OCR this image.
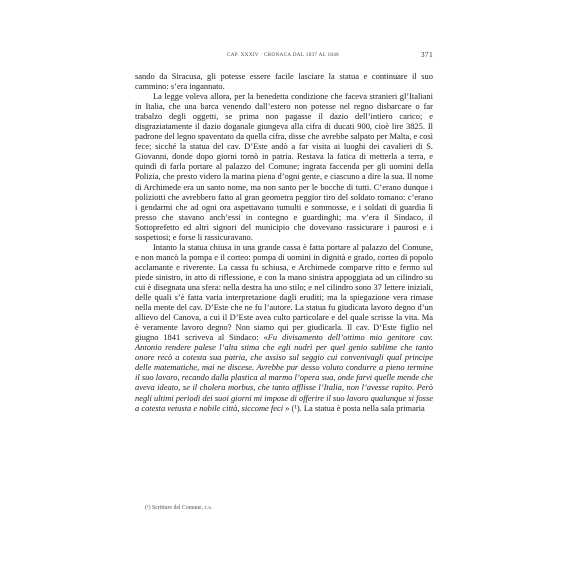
CAP. XXXIV · CRONACA DAL 1837 AL 1848	371

sando da Siracusa, gli potesse essere facile lasciare la statua e continuare il suo cammino: s’era ingannato.

La legge voleva allora, per la benedetta condizione che faceva stranieri gl’Italiani in Italia, che una barca venendo dall’estero non potesse nel regno disbarcare o far trabalzo degli oggetti, se prima non pagasse il dazio dell’intiero carico; e disgraziatamente il dazio doganale giungeva alla cifra di ducati 900, cioè lire 3825. Il padrone del legno spaventato da quella cifra, disse che avrebbe salpato per Malta, e così fece; sicché la statua del cav. D’Este andò a far visita ai luoghi dei cavalieri di S. Giovanni, donde dopo giorni tornò in patria. Restava la fatica di metterla a terra, e quindi di farla portare al palazzo del Comune; ingrata faccenda per gli uomini della Polizia, che presto videro la marina piena d’ogni gente, e ciascuno a dire la sua. Il nome di Archimede era un santo nome, ma non santo per le bocche di tutti. C’erano dunque i poliziotti che avrebbero fatto al gran geometra peggior tiro del soldato romano: c’erano i gendarmi che ad ogni ora aspettavano tumulti e sommosse, e i soldati di guardia lì presso che stavano anch’essi in contegno e guardinghi; ma v’era il Sindaco, il Sottoprefetto ed altri signori del municipio che dovevano rassicurare i paurosi e i sospettosi; e forse li rassicuravano.

Intanto la statua chiusa in una grande cassa è fatta portare al palazzo del Comune, e non mancò la pompa e il corteo: pompa di uomini in dignità e grado, corteo di popolo acclamante e riverente. La cassa fu schiusa, e Archimede comparve ritto e fermo sul piede sinistro, in atto di riflessione, e con la mano sinistra appoggiata ad un cilindro su cui è disegnata una sfera: nella destra ha uno stilo; e nel cilindro sono 37 lettere iniziali, delle quali s’è fatta varia interpretazione dagli eruditi; ma la spiegazione vera rimase nella mente del cav. D’Este che ne fu l’autore. La statua fu giudicata lavoro degno d’un allievo del Canova, a cui il D’Este avea culto particolare e del quale scrisse la vita. Ma è veramente lavoro degno? Non siamo qui per giudicarla. Il cav. D’Este figlio nel giugno 1841 scriveva al Sindaco: «Fu divisamento dell’ottimo mio genitore cav. Antonio rendere palese l’alta stima che egli nudrì per quel genio sublime che tanto onore recò a cotesta sua patria, che assiso sul seggio cui convenivagli qual principe delle matematiche, mai ne discese. Avrebbe pur desso voluto condurre a pieno termine il suo lavoro, recando dalla plastica al marmo l’opera sua, onde farvi quelle mende che aveva ideato, se il cholera morbus, che tanto afflisse l’Italia, non l’avesse rapito. Però negli ultimi periodi dei suoi giorni mi impose di offerire il suo lavoro qualunque si fosse a cotesta vetusta e nobile città, siccome feci » (¹). La statua è posta nella sala primaria

(¹) Scritture del Comune, c.s.
